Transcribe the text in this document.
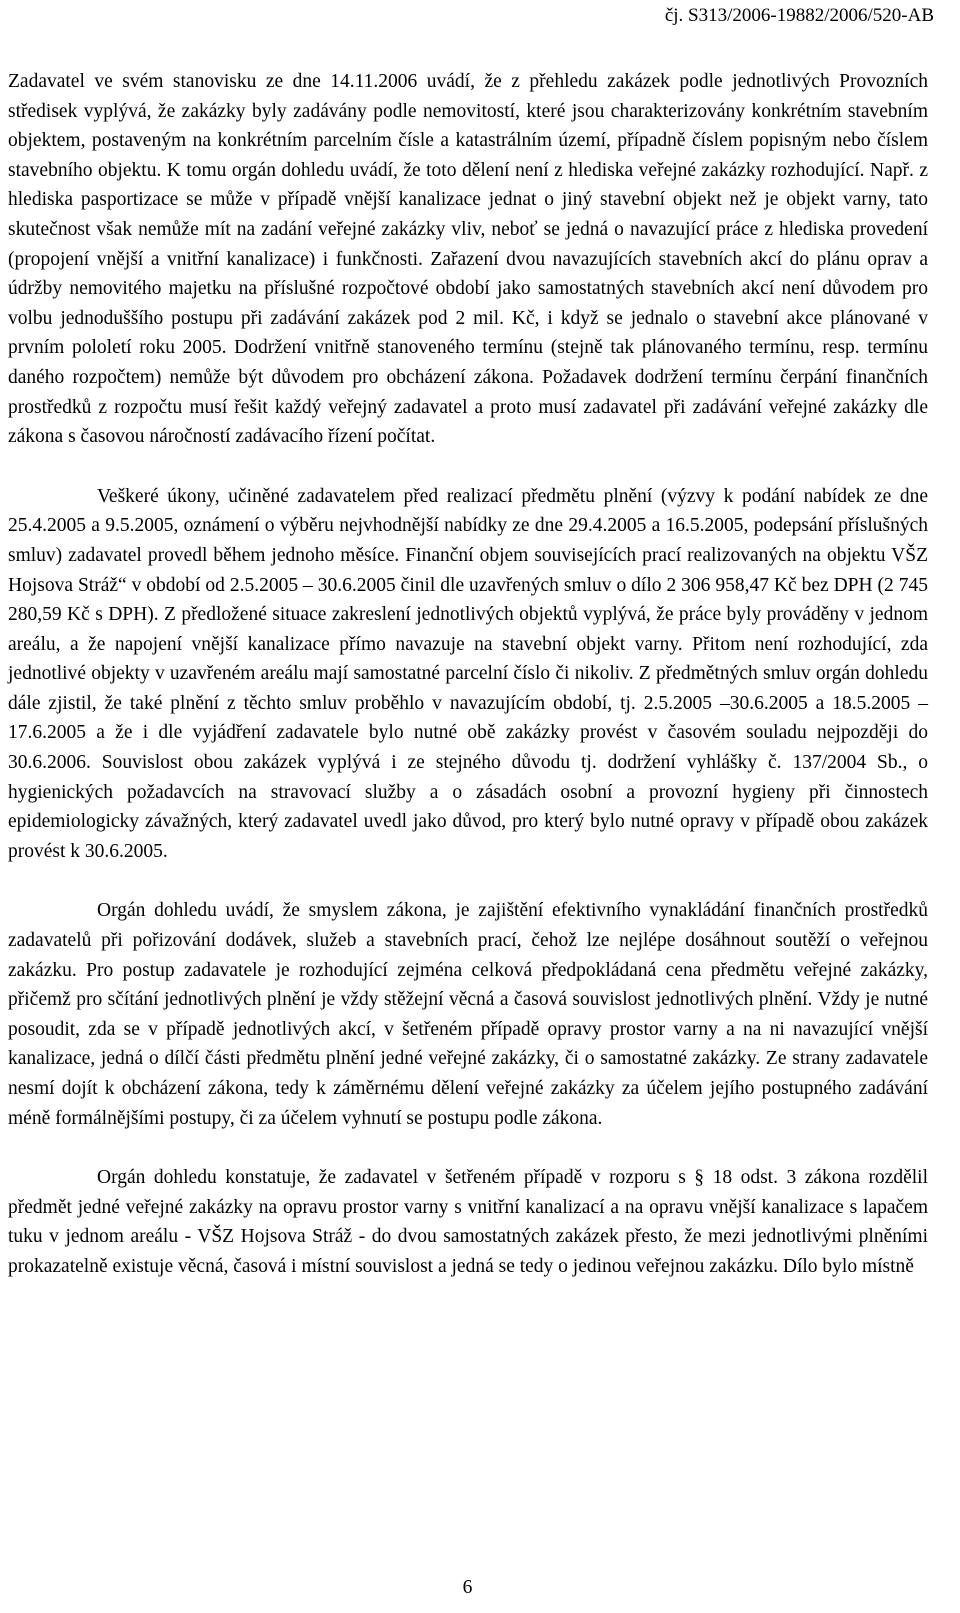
čj. S313/2006-19882/2006/520-AB

Zadavatel ve svém stanovisku ze dne 14.11.2006 uvádí, že z přehledu zakázek podle jednotlivých Provozních středisek vyplývá, že zakázky byly zadávány podle nemovitostí, které jsou charakterizovány konkrétním stavebním objektem, postaveným na konkrétním parcelním čísle a katastrálním území, případně číslem popisným nebo číslem stavebního objektu. K tomu orgán dohledu uvádí, že toto dělení není z hlediska veřejné zakázky rozhodující. Např. z hlediska pasportizace se může v případě vnější kanalizace jednat o jiný stavební objekt než je objekt varny, tato skutečnost však nemůže mít na zadání veřejné zakázky vliv, neboť se jedná o navazující práce z hlediska provedení (propojení vnější a vnitřní kanalizace) i funkčnosti. Zařazení dvou navazujících stavebních akcí do plánu oprav a údržby nemovitého majetku na příslušné rozpočtové období jako samostatných stavebních akcí není důvodem pro volbu jednoduššího postupu při zadávání zakázek pod 2 mil. Kč, i když se jednalo o stavební akce plánované v prvním pololetí roku 2005. Dodržení vnitřně stanoveného termínu (stejně tak plánovaného termínu, resp. termínu daného rozpočtem) nemůže být důvodem pro obcházení zákona. Požadavek dodržení termínu čerpání finančních prostředků z rozpočtu musí řešit každý veřejný zadavatel a proto musí zadavatel při zadávání veřejné zakázky dle zákona s časovou náročností zadávacího řízení počítat.

Veškeré úkony, učiněné zadavatelem před realizací předmětu plnění (výzvy k podání nabídek ze dne 25.4.2005 a 9.5.2005, oznámení o výběru nejvhodnější nabídky ze dne 29.4.2005 a 16.5.2005, podepsání příslušných smluv) zadavatel provedl během jednoho měsíce. Finanční objem souvisejících prací realizovaných na objektu VŠZ Hojsova Stráž“ v období od 2.5.2005 – 30.6.2005 činil dle uzavřených smluv o dílo 2 306 958,47 Kč bez DPH (2 745 280,59 Kč s DPH). Z předložené situace zakreslení jednotlivých objektů vyplývá, že práce byly prováděny v jednom areálu, a že napojení vnější kanalizace přímo navazuje na stavební objekt varny. Přitom není rozhodující, zda jednotlivé objekty v uzavřeném areálu mají samostatné parcelní číslo či nikoliv. Z předmětných smluv orgán dohledu dále zjistil, že také plnění z těchto smluv proběhlo v navazujícím období, tj. 2.5.2005 –30.6.2005 a 18.5.2005 – 17.6.2005 a že i dle vyjádření zadavatele bylo nutné obě zakázky provést v časovém souladu nejpozději do 30.6.2006. Souvislost obou zakázek vyplývá i ze stejného důvodu tj. dodržení vyhlášky č. 137/2004 Sb., o hygienických požadavcích na stravovací služby a o zásadách osobní a provozní hygieny při činnostech epidemiologicky závažných, který zadavatel uvedl jako důvod, pro který bylo nutné opravy v případě obou zakázek provést k 30.6.2005.

Orgán dohledu uvádí, že smyslem zákona, je zajištění efektivního vynakládání finančních prostředků zadavatelů při pořizování dodávek, služeb a stavebních prací, čehož lze nejlépe dosáhnout soutěží o veřejnou zakázku. Pro postup zadavatele je rozhodující zejména celková předpokládaná cena předmětu veřejné zakázky, přičemž pro sčítání jednotlivých plnění je vždy stěžejní věcná a časová souvislost jednotlivých plnění. Vždy je nutné posoudit, zda se v případě jednotlivých akcí, v šetřeném případě opravy prostor varny a na ni navazující vnější kanalizace, jedná o dílčí části předmětu plnění jedné veřejné zakázky, či o samostatné zakázky. Ze strany zadavatele nesmí dojít k obcházení zákona, tedy k záměrnému dělení veřejné zakázky za účelem jejího postupného zadávání méně formálnějšími postupy, či za účelem vyhnutí se postupu podle zákona.

Orgán dohledu konstatuje, že zadavatel v šetřeném případě v rozporu s § 18 odst. 3 zákona rozdělil předmět jedné veřejné zakázky na opravu prostor varny s vnitřní kanalizací a na opravu vnější kanalizace s lapačem tuku v jednom areálu - VŠZ Hojsova Stráž - do dvou samostatných zakázek přesto, že mezi jednotlivými plněními prokazatelně existuje věcná, časová i místní souvislost a jedná se tedy o jedinou veřejnou zakázku. Dílo bylo místně

6
